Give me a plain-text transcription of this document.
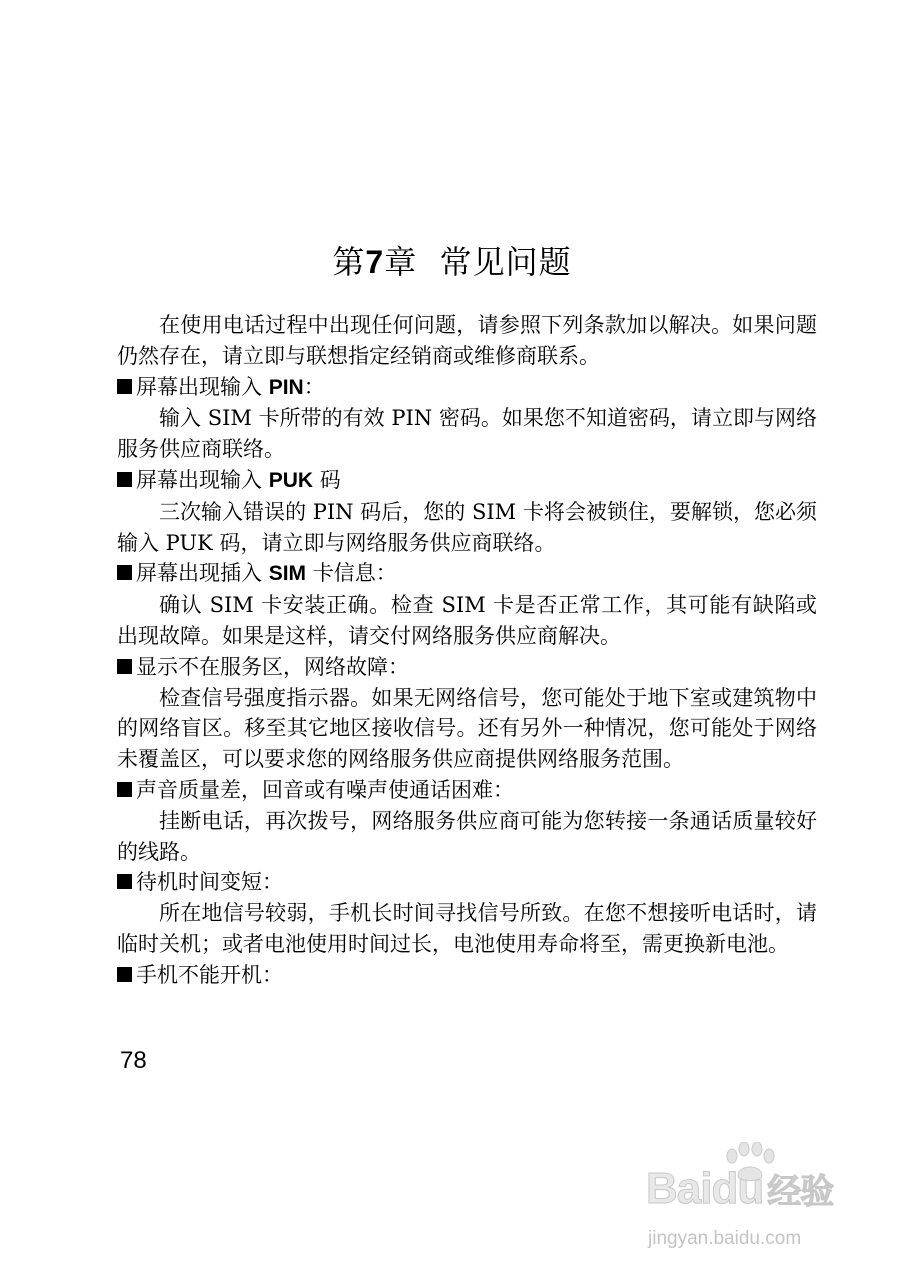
第7章  常见问题

在使用电话过程中出现任何问题，请参照下列条款加以解决。如果问题仍然存在，请立即与联想指定经销商或维修商联系。

屏幕出现输入 PIN：

输入 SIM 卡所带的有效 PIN 密码。如果您不知道密码，请立即与网络服务供应商联络。

屏幕出现输入 PUK 码

三次输入错误的 PIN 码后，您的 SIM 卡将会被锁住，要解锁，您必须输入 PUK 码，请立即与网络服务供应商联络。

屏幕出现插入 SIM 卡信息：

确认 SIM 卡安装正确。检查 SIM 卡是否正常工作，其可能有缺陷或出现故障。如果是这样，请交付网络服务供应商解决。

显示不在服务区，网络故障：

检查信号强度指示器。如果无网络信号，您可能处于地下室或建筑物中的网络盲区。移至其它地区接收信号。还有另外一种情况，您可能处于网络未覆盖区，可以要求您的网络服务供应商提供网络服务范围。

声音质量差，回音或有噪声使通话困难：

挂断电话，再次拨号，网络服务供应商可能为您转接一条通话质量较好的线路。

待机时间变短：

所在地信号较弱，手机长时间寻找信号所致。在您不想接听电话时，请临时关机；或者电池使用时间过长，电池使用寿命将至，需更换新电池。

手机不能开机：

78
Baidu 经验
jingyan.baidu.com
